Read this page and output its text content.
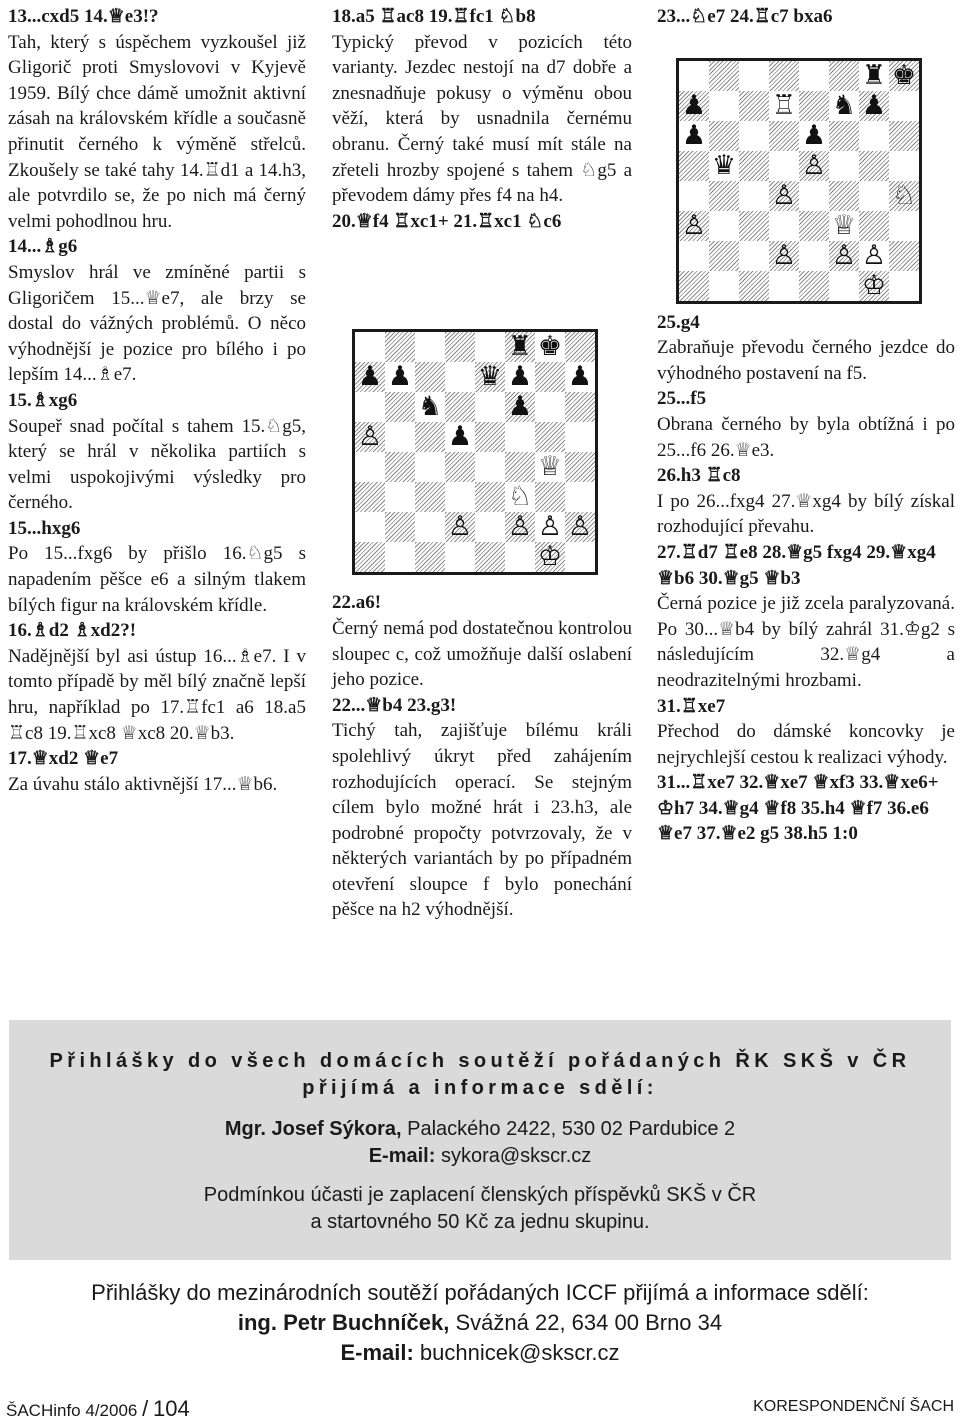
13...cxd5 14.♕e3!?

Tah, který s úspěchem vyzkoušel již Gligorič proti Smyslovovi v Kyjevě 1959. Bílý chce dámě umožnit aktivní zásah na královském křídle a současně přinutit černého k výměně střelců. Zkoušely se také tahy 14.♖d1 a 14.h3, ale potvrdilo se, že po nich má černý velmi pohodlnou hru.

14...♗g6

Smyslov hrál ve zmíněné partii s Gligoričem 15...♕e7, ale brzy se dostal do vážných problémů. O něco výhodnější je pozice pro bílého i po lepším 14...♗e7.

15.♗xg6

Soupeř snad počítal s tahem 15.♘g5, který se hrál v několika partiích s velmi uspokojivými výsledky pro černého.

15...hxg6

Po 15...fxg6 by přišlo 16.♘g5 s napadením pěšce e6 a silným tlakem bílých figur na královském křídle.

16.♗d2 ♗xd2?!

Nadějnější byl asi ústup 16...♗e7. I v tomto případě by měl bílý značně lepší hru, například po 17.♖fc1 a6 18.a5 ♖c8 19.♖xc8 ♕xc8 20.♕b3.

17.♕xd2 ♕e7

Za úvahu stálo aktivnější 17...♕b6.

18.a5 ♖ac8 19.♖fc1 ♘b8

Typický převod v pozicích této varianty. Jezdec nestojí na d7 dobře a znesnadňuje pokusy o výměnu obou věží, která by usnadnila černému obranu. Černý také musí mít stále na zřeteli hrozby spojené s tahem ♘g5 a převodem dámy přes f4 na h4.

20.♕f4 ♖xc1+ 21.♖xc1 ♘c6

22.a6!

Černý nemá pod dostatečnou kontrolou sloupec c, což umožňuje další oslabení jeho pozice.

22...♕b4 23.g3!

Tichý tah, zajišťuje bílému králi spolehlivý úkryt před zahájením rozhodujících operací. Se stejným cílem bylo možné hrát i 23.h3, ale podrobné propočty potvrzovaly, že v některých variantách by po případném otevření sloupce f bylo ponechání pěšce na h2 výhodnější.

23...♘e7 24.♖c7 bxa6

25.g4

Zabraňuje převodu černého jezdce do výhodného postavení na f5.

25...f5

Obrana černého by byla obtížná i po 25...f6 26.♕e3.

26.h3 ♖c8

I po 26...fxg4 27.♕xg4 by bílý získal rozhodující převahu.

27.♖d7 ♖e8 28.♕g5 fxg4 29.♕xg4 ♕b6 30.♕g5 ♕b3

Černá pozice je již zcela paralyzovaná. Po 30...♕b4 by bílý zahrál 31.♔g2 s následujícím 32.♕g4 a neodrazitelnými hrozbami.

31.♖xe7

Přechod do dámské koncovky je nejrychlejší cestou k realizaci výhody.

31...♖xe7 32.♕xe7 ♕xf3 33.♕xe6+ ♔h7 34.♕g4 ♕f8 35.h4 ♕f7 36.e6 ♕e7 37.♕e2 g5 38.h5 1:0

♜ ♚
♟ ♟ ♛ ♟ ♟
♞ ♟
♙ ♟
♕
♘
♙ ♙ ♙ ♙
♔
♜ ♚
♟ ♖ ♞ ♟
♟	♟
♛ ♙
♙	♘
♙	♕
♙ ♙ ♙
♔
Přihlášky do všech domácích soutěží pořádaných ŘK SKŠ v ČR
přijímá a informace sdělí:
Mgr. Josef Sýkora, Palackého 2422, 530 02 Pardubice 2
E-mail: sykora@skscr.cz
Podmínkou účasti je zaplacení členských příspěvků SKŠ v ČR
a startovného 50 Kč za jednu skupinu.
Přihlášky do mezinárodních soutěží pořádaných ICCF přijímá a informace sdělí:
ing. Petr Buchníček, Svážná 22, 634 00 Brno 34
E-mail: buchnicek@skscr.cz
ŠACHinfo 4/2006 / 104	KORESPONDENČNÍ ŠACH
